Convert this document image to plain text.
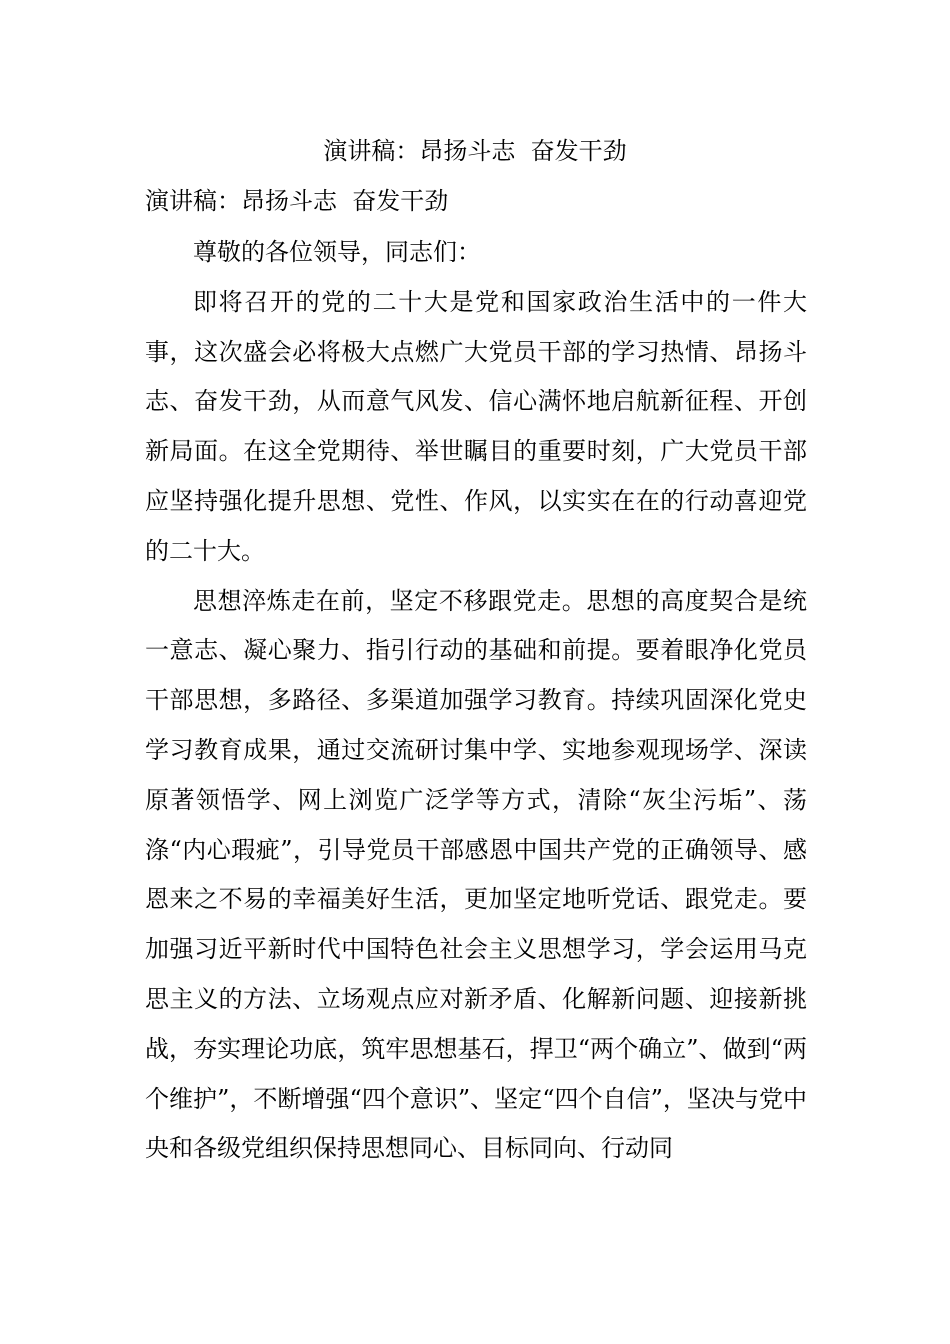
演讲稿：昂扬斗志  奋发干劲
演讲稿：昂扬斗志  奋发干劲

尊敬的各位领导，同志们：

即将召开的党的二十大是党和国家政治生活中的一件大事，这次盛会必将极大点燃广大党员干部的学习热情、昂扬斗志、奋发干劲，从而意气风发、信心满怀地启航新征程、开创新局面。在这全党期待、举世瞩目的重要时刻，广大党员干部应坚持强化提升思想、党性、作风，以实实在在的行动喜迎党的二十大。

思想淬炼走在前，坚定不移跟党走。思想的高度契合是统一意志、凝心聚力、指引行动的基础和前提。要着眼净化党员干部思想，多路径、多渠道加强学习教育。持续巩固深化党史学习教育成果，通过交流研讨集中学、实地参观现场学、深读原著领悟学、网上浏览广泛学等方式，清除“灰尘污垢”、荡涤“内心瑕疵”，引导党员干部感恩中国共产党的正确领导、感恩来之不易的幸福美好生活，更加坚定地听党话、跟党走。要加强习近平新时代中国特色社会主义思想学习，学会运用马克思主义的方法、立场观点应对新矛盾、化解新问题、迎接新挑战，夯实理论功底，筑牢思想基石，捍卫“两个确立”、做到“两个维护”，不断增强“四个意识”、坚定“四个自信”，坚决与党中央和各级党组织保持思想同心、目标同向、行动同
